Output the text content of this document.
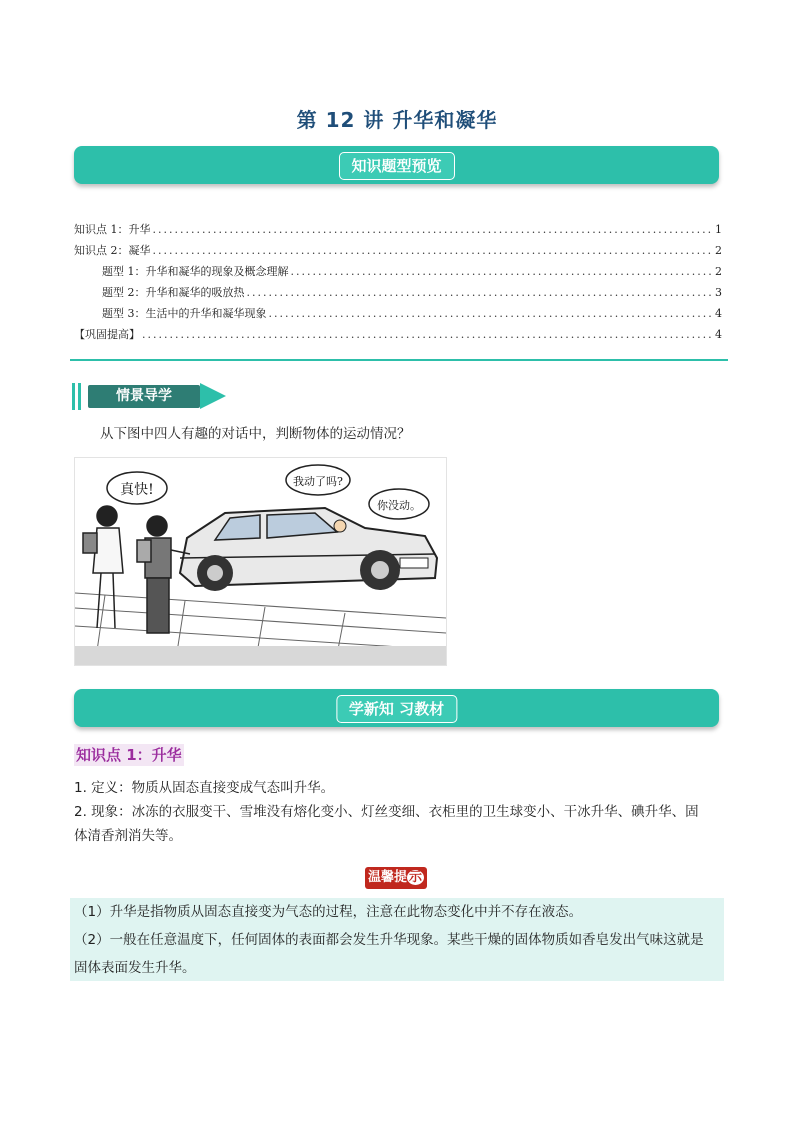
第 12 讲 升华和凝华
知识题型预览
知识点 1：升华 .....	1
知识点 2：凝华 .....	2
题型 1：升华和凝华的现象及概念理解 .....	2
题型 2：升华和凝华的吸放热 .....	3
题型 3：生活中的升华和凝华现象 .....	4
【巩固提高】 .....	4
情景导学
从下图中四人有趣的对话中，判断物体的运动情况？
真快!
我动了吗?
你没动。
学新知 习教材
知识点 1：升华
1. 定义：物质从固态直接变成气态叫升华。
2. 现象：冰冻的衣服变干、雪堆没有熔化变小、灯丝变细、衣柜里的卫生球变小、干冰升华、碘升华、固
体清香剂消失等。
温馨提 示
（1）升华是指物质从固态直接变为气态的过程，注意在此物态变化中并不存在液态。
（2）一般在任意温度下，任何固体的表面都会发生升华现象。某些干燥的固体物质如香皂发出气味这就是
固体表面发生升华。
